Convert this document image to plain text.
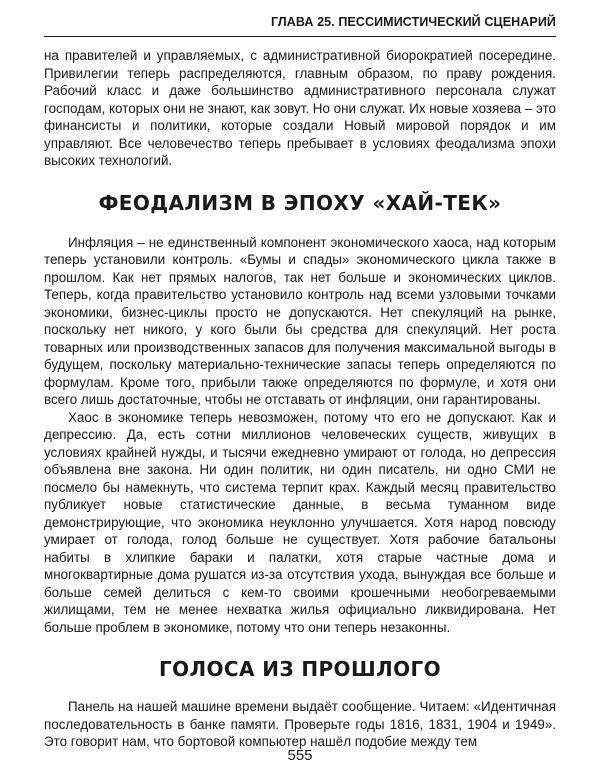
ГЛАВА 25. ПЕССИМИСТИЧЕСКИЙ СЦЕНАРИЙ

на правителей и управляемых, с административной биорократией посередине. Привилегии теперь распределяются, главным образом, по праву рождения. Рабочий класс и даже большинство административного персонала служат господам, которых они не знают, как зовут. Но они служат. Их новые хозяева – это финансисты и политики, которые создали Новый мировой порядок и им управляют. Все человечество теперь пребывает в условиях феодализма эпохи высоких технологий.

ФЕОДАЛИЗМ В ЭПОХУ «ХАЙ-ТЕК»

Инфляция – не единственный компонент экономического хаоса, над которым теперь установили контроль. «Бумы и спады» экономического цикла также в прошлом. Как нет прямых налогов, так нет больше и экономических циклов. Теперь, когда правительство установило контроль над всеми узловыми точками экономики, бизнес-циклы просто не допускаются. Нет спекуляций на рынке, поскольку нет никого, у кого были бы средства для спекуляций. Нет роста товарных или производственных запасов для получения максимальной выгоды в будущем, поскольку материально-технические запасы теперь определяются по формулам. Кроме того, прибыли также определяются по формуле, и хотя они всего лишь достаточные, чтобы не отставать от инфляции, они гарантированы.

Хаос в экономике теперь невозможен, потому что его не допускают. Как и депрессию. Да, есть сотни миллионов человеческих существ, живущих в условиях крайней нужды, и тысячи ежедневно умирают от голода, но депрессия объявлена вне закона. Ни один политик, ни один писатель, ни одно СМИ не посмело бы намекнуть, что система терпит крах. Каждый месяц правительство публикует новые статистические данные, в весьма туманном виде демонстрирующие, что экономика неуклонно улучшается. Хотя народ повсюду умирает от голода, голод больше не существует. Хотя рабочие батальоны набиты в хлипкие бараки и палатки, хотя старые частные дома и многоквартирные дома рушатся из-за отсутствия ухода, вынуждая все больше и больше семей делиться с кем-то своими крошечными необогреваемыми жилищами, тем не менее нехватка жилья официально ликвидирована. Нет больше проблем в экономике, потому что они теперь незаконны.

ГОЛОСА ИЗ ПРОШЛОГО

Панель на нашей машине времени выдаёт сообщение. Читаем: «Идентичная последовательность в банке памяти. Проверьте годы 1816, 1831, 1904 и 1949». Это говорит нам, что бортовой компьютер нашёл подобие между тем

555
